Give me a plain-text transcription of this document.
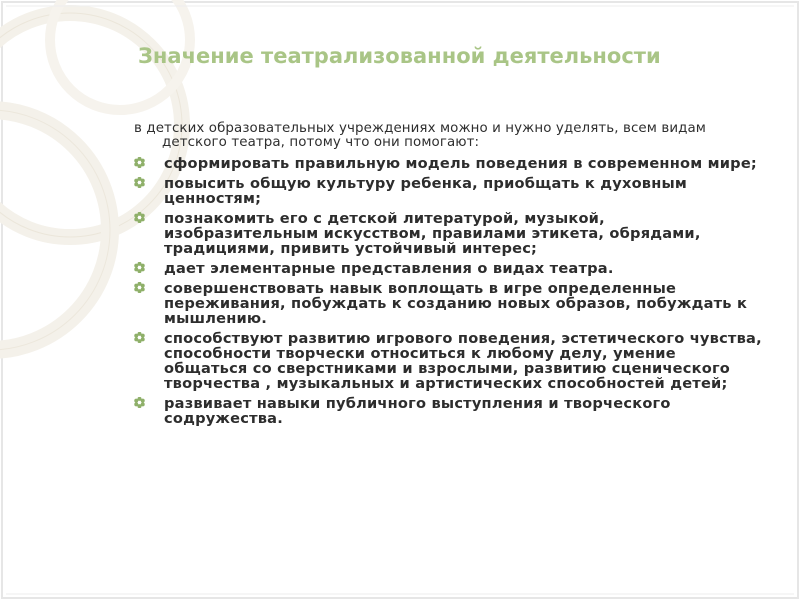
Значение театрализованной деятельности

в детских образовательных учреждениях можно и нужно уделять, всем видам детского театра, потому что они помогают:

сформировать правильную модель поведения в современном мире;
повысить общую культуру ребенка, приобщать к духовным ценностям;
познакомить его с детской литературой, музыкой, изобразительным искусством, правилами этикета, обрядами, традициями, привить устойчивый интерес;
дает элементарные представления о видах театра.
совершенствовать навык воплощать в игре определенные переживания, побуждать к созданию новых образов, побуждать к мышлению.
способствуют развитию игрового поведения, эстетического чувства, способности творчески относиться к любому делу, умение общаться со сверстниками и взрослыми, развитию сценического творчества , музыкальных и артистических способностей детей;
развивает навыки публичного выступления и творческого содружества.
